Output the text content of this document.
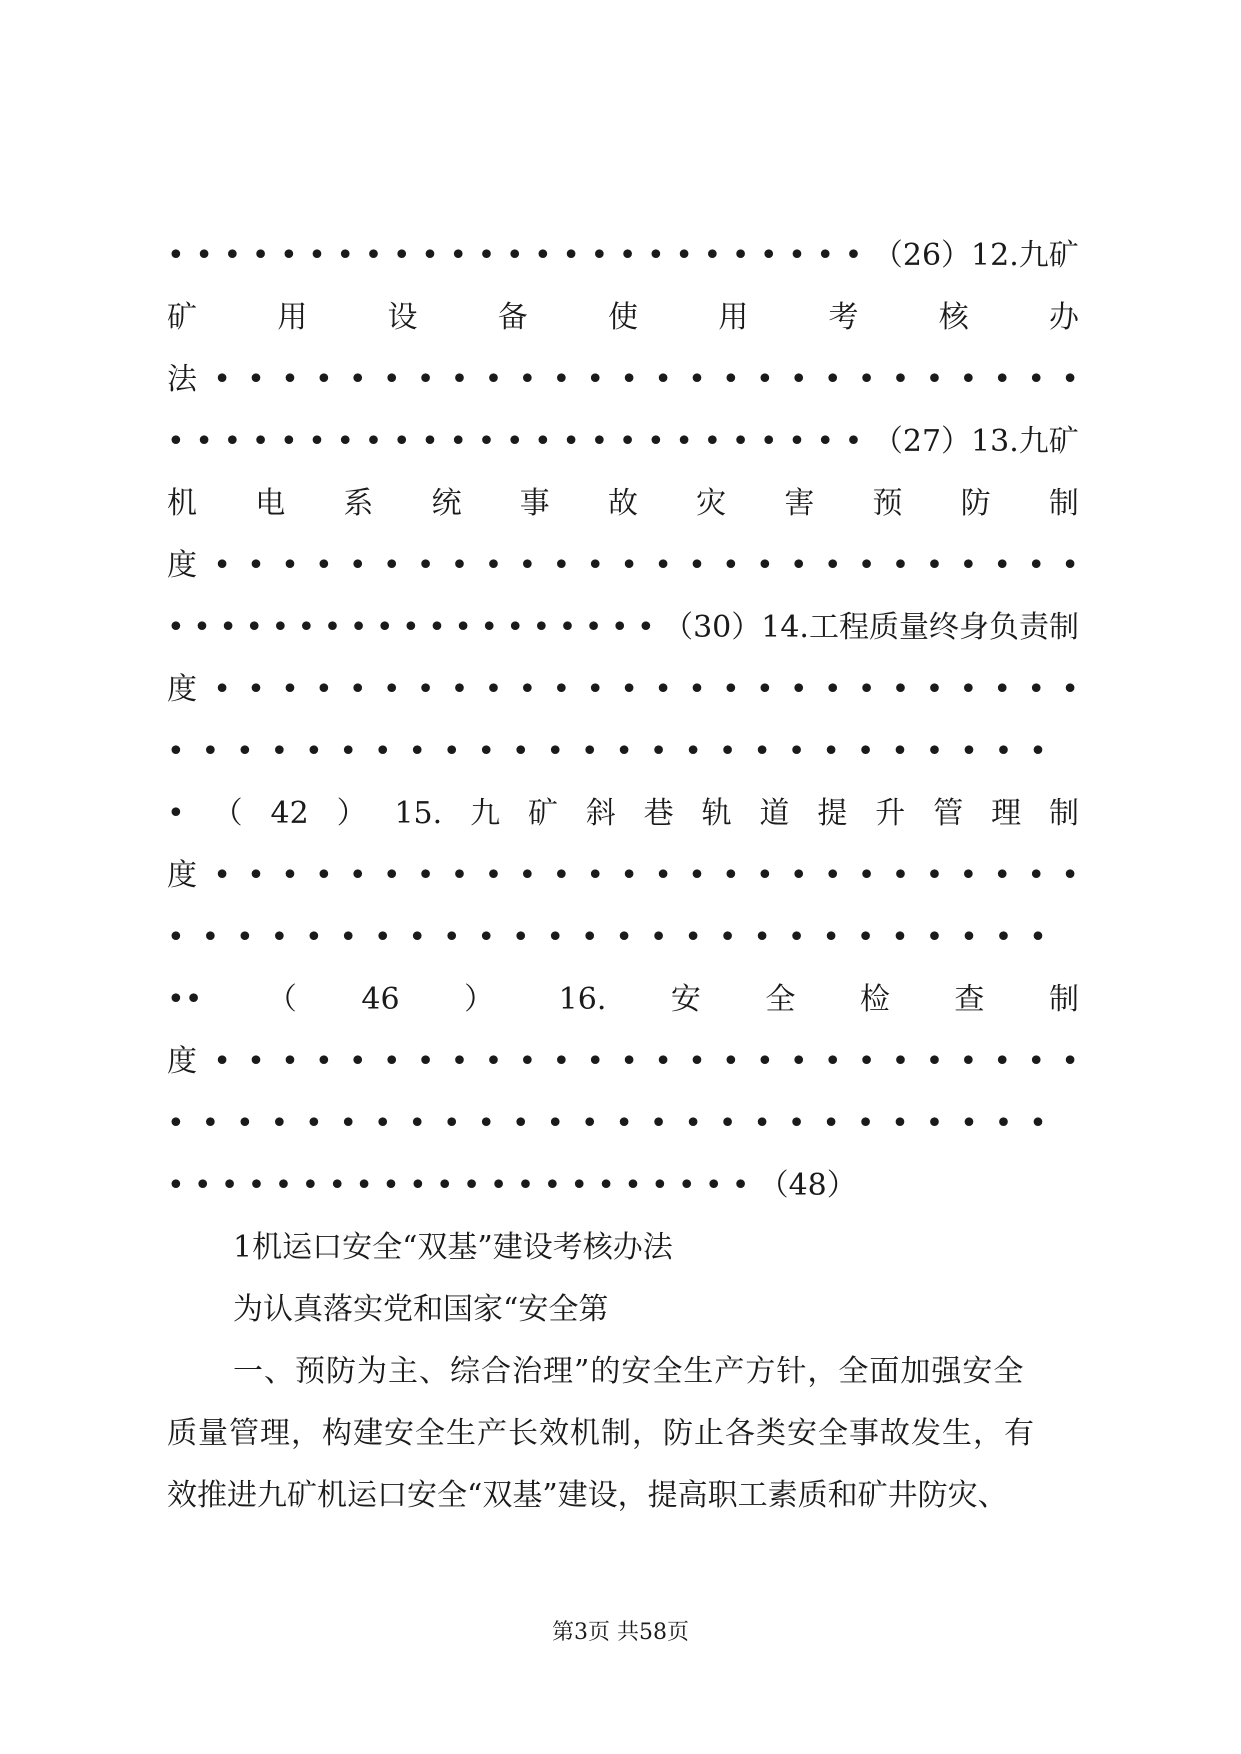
• • • • • • • • • • • • • • • • • • • • • • • • • （26）12.九矿
矿	用	设	备	使	用	考	核	办
法 • • • • • • • • • • • • • • • • • • • • • • • • • •
• • • • • • • • • • • • • • • • • • • • • • • • • （27）13.九矿
机 电 系 统 事 故 灾 害 预 防 制
度 • • • • • • • • • • • • • • • • • • • • • • • • • •
• • • • • • • • • • • • • • • • • • • （30）14.工程质量终身负责制
度 • • • • • • • • • • • • • • • • • • • • • • • • • •
• • • • • • • • • • • • • • • • • • • • • • • • • •
• （ 42 ） 15. 九 矿 斜 巷 轨 道 提 升 管 理 制
度 • • • • • • • • • • • • • • • • • • • • • • • • • •
• • • • • • • • • • • • • • • • • • • • • • • • • •
•• （ 46 ） 16. 安 全 检 查 制
度 • • • • • • • • • • • • • • • • • • • • • • • • • •
• • • • • • • • • • • • • • • • • • • • • • • • • •
• • • • • • • • • • • • • • • • • • • • • • （48）
1机运口安全“双基”建设考核办法
为认真落实党和国家“安全第
一、预防为主、综合治理”的安全生产方针，全面加强安全
质量管理，构建安全生产长效机制，防止各类安全事故发生，有
效推进九矿机运口安全“双基”建设，提高职工素质和矿井防灾、
第3页 共58页
